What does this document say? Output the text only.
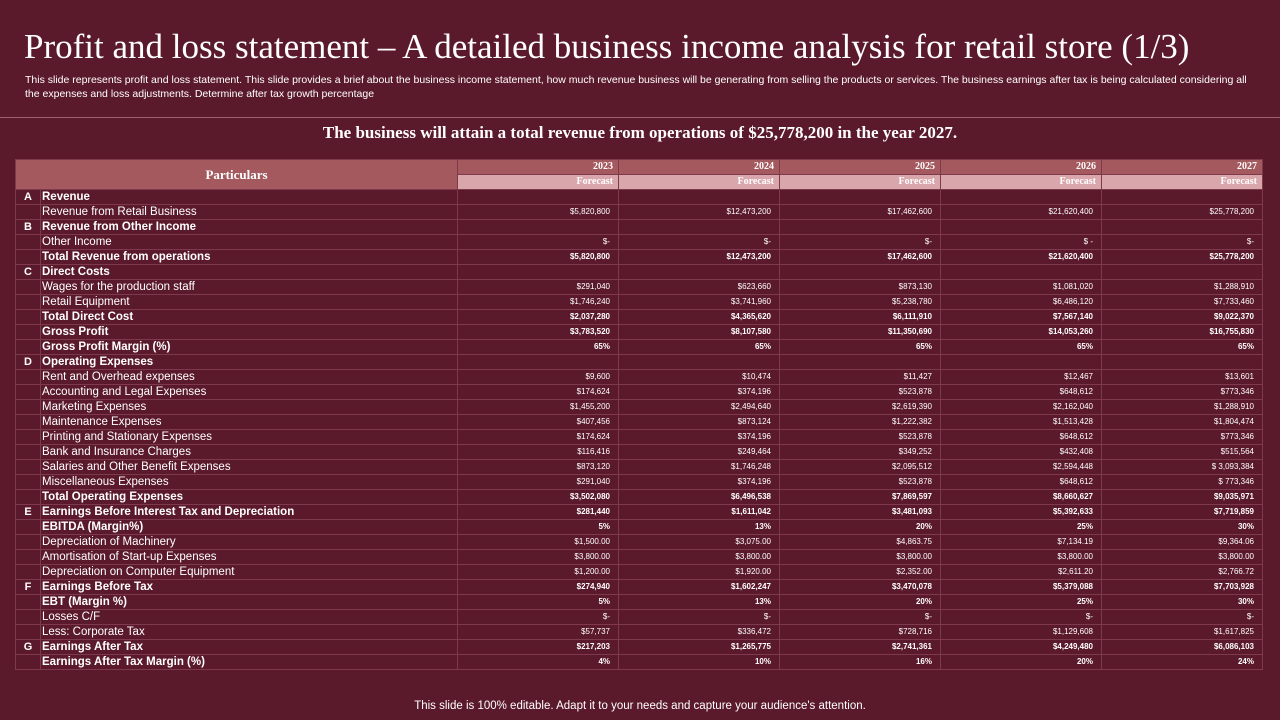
Profit and loss statement – A detailed business income analysis for retail store (1/3)
This slide represents profit and loss statement. This slide provides a brief about the business income statement, how much revenue business will be generating from selling the products or services. The business earnings after tax is being calculated considering all the expenses and loss adjustments. Determine after tax growth percentage
The business will attain a total revenue from operations of $25,778,200 in the year 2027.
Particulars		2023	2024	2025	2026	2027
		Forecast	Forecast	Forecast	Forecast	Forecast
A	Revenue					
	Revenue from Retail Business	$5,820,800	$12,473,200	$17,462,600	$21,620,400	$25,778,200
B	Revenue from Other Income					
	Other Income	$-	$-	$-	$ -	$-
	Total Revenue from operations	$5,820,800	$12,473,200	$17,462,600	$21,620,400	$25,778,200
C	Direct Costs					
	Wages for the production staff	$291,040	$623,660	$873,130	$1,081,020	$1,288,910
	Retail Equipment	$1,746,240	$3,741,960	$5,238,780	$6,486,120	$7,733,460
	Total Direct Cost	$2,037,280	$4,365,620	$6,111,910	$7,567,140	$9,022,370
	Gross Profit	$3,783,520	$8,107,580	$11,350,690	$14,053,260	$16,755,830
	Gross Profit Margin (%)	65%	65%	65%	65%	65%
D	Operating Expenses					
	Rent and Overhead expenses	$9,600	$10,474	$11,427	$12,467	$13,601
	Accounting and Legal Expenses	$174,624	$374,196	$523,878	$648,612	$773,346
	Marketing Expenses	$1,455,200	$2,494,640	$2,619,390	$2,162,040	$1,288,910
	Maintenance Expenses	$407,456	$873,124	$1,222,382	$1,513,428	$1,804,474
	Printing and Stationary Expenses	$174,624	$374,196	$523,878	$648,612	$773,346
	Bank and Insurance Charges	$116,416	$249,464	$349,252	$432,408	$515,564
	Salaries and Other Benefit Expenses	$873,120	$1,746,248	$2,095,512	$2,594,448	$ 3,093,384
	Miscellaneous Expenses	$291,040	$374,196	$523,878	$648,612	$ 773,346
	Total Operating Expenses	$3,502,080	$6,496,538	$7,869,597	$8,660,627	$9,035,971
E	Earnings Before Interest Tax and Depreciation	$281,440	$1,611,042	$3,481,093	$5,392,633	$7,719,859
	EBITDA (Margin%)	5%	13%	20%	25%	30%
	Depreciation of Machinery	$1,500.00	$3,075.00	$4,863.75	$7,134.19	$9,364.06
	Amortisation of Start-up Expenses	$3,800.00	$3,800.00	$3,800.00	$3,800.00	$3,800.00
	Depreciation on Computer Equipment	$1,200.00	$1,920.00	$2,352.00	$2,611.20	$2,766.72
F	Earnings Before Tax	$274,940	$1,602,247	$3,470,078	$5,379,088	$7,703,928
	EBT (Margin %)	5%	13%	20%	25%	30%
	Losses C/F	$-	$-	$-	$-	$-
	Less: Corporate Tax	$57,737	$336,472	$728,716	$1,129,608	$1,617,825
G	Earnings After Tax	$217,203	$1,265,775	$2,741,361	$4,249,480	$6,086,103
	Earnings After Tax Margin (%)	4%	10%	16%	20%	24%
This slide is 100% editable. Adapt it to your needs and capture your audience's attention.
